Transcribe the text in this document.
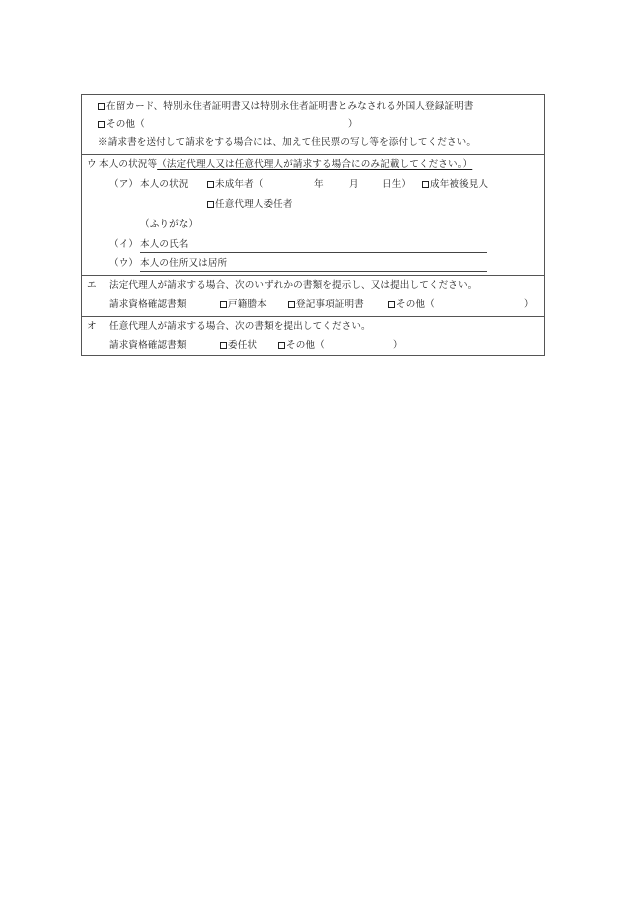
在留カード、特別永住者証明書又は特別永住者証明書とみなされる外国人登録証明書
その他（	）
※請求書を送付して請求をする場合には、加えて住民票の写し等を添付してください。
ウ 本人の状況等（法定代理人又は任意代理人が請求する場合にのみ記載してください。）
（ア） 本人の状況	未成年者（	年	月 日生）	成年被後見人
任意代理人委任者
（ふりがな）
（イ） 本人の氏名
（ウ） 本人の住所又は居所
エ 法定代理人が請求する場合、次のいずれかの書類を提示し、又は提出してください。
請求資格確認書類	戸籍謄本	登記事項証明書	その他（	）
オ 任意代理人が請求する場合、次の書類を提出してください。
請求資格確認書類	委任状	その他（	）
